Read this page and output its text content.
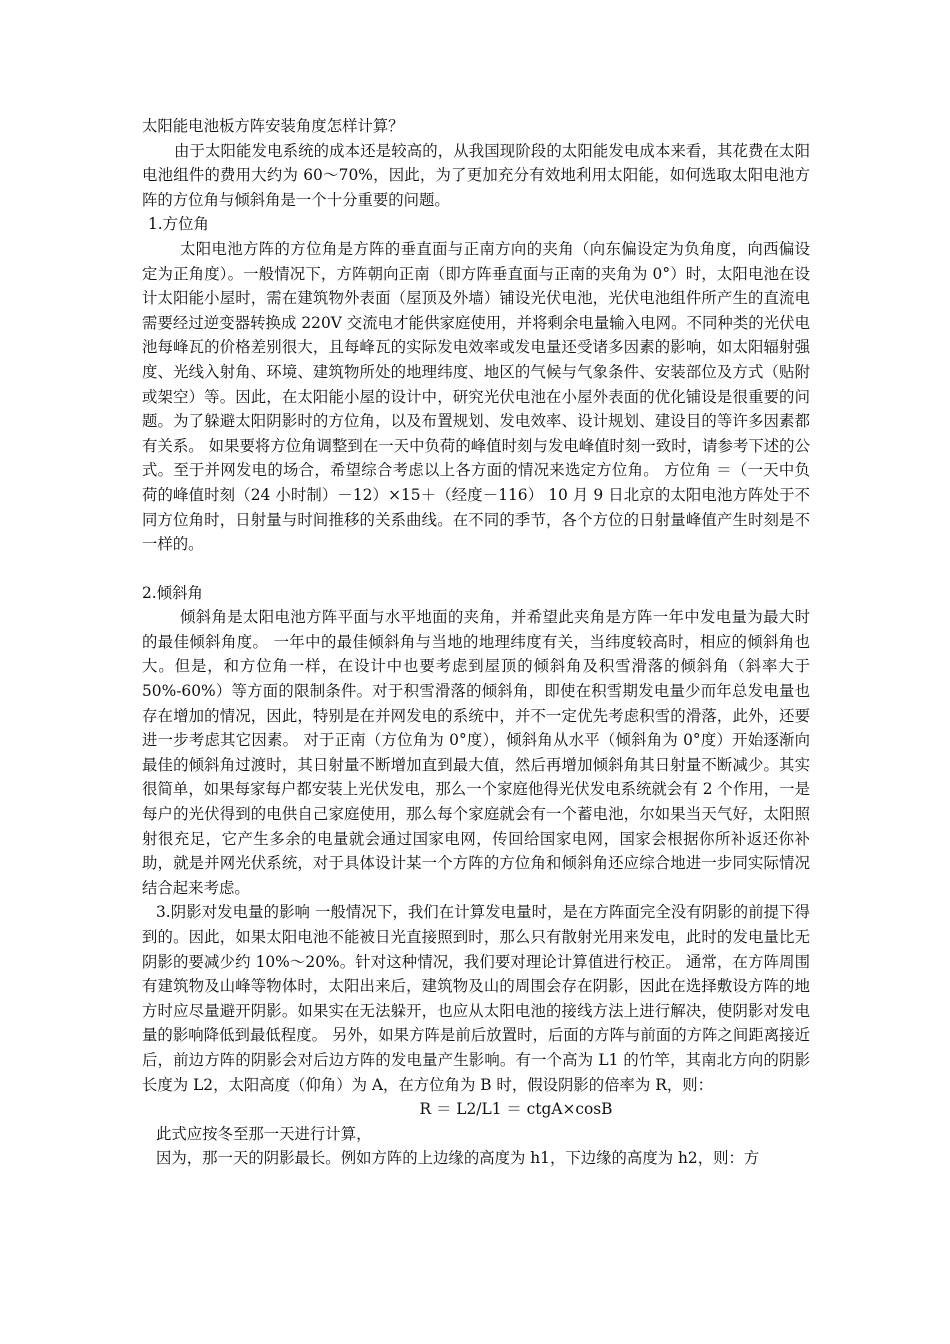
太阳能电池板方阵安装角度怎样计算？

由于太阳能发电系统的成本还是较高的，从我国现阶段的太阳能发电成本来看，其花费在太阳电池组件的费用大约为 60～70%，因此，为了更加充分有效地利用太阳能，如何选取太阳电池方阵的方位角与倾斜角是一个十分重要的问题。

1.方位角

太阳电池方阵的方位角是方阵的垂直面与正南方向的夹角（向东偏设定为负角度，向西偏设定为正角度）。一般情况下，方阵朝向正南（即方阵垂直面与正南的夹角为 0°）时，太阳电池在设计太阳能小屋时，需在建筑物外表面（屋顶及外墙）铺设光伏电池，光伏电池组件所产生的直流电需要经过逆变器转换成 220V 交流电才能供家庭使用，并将剩余电量输入电网。不同种类的光伏电池每峰瓦的价格差别很大，且每峰瓦的实际发电效率或发电量还受诸多因素的影响，如太阳辐射强度、光线入射角、环境、建筑物所处的地理纬度、地区的气候与气象条件、安装部位及方式（贴附或架空）等。因此，在太阳能小屋的设计中，研究光伏电池在小屋外表面的优化铺设是很重要的问题。为了躲避太阳阴影时的方位角，以及布置规划、发电效率、设计规划、建设目的等许多因素都有关系。 如果要将方位角调整到在一天中负荷的峰值时刻与发电峰值时刻一致时，请参考下述的公式。至于并网发电的场合，希望综合考虑以上各方面的情况来选定方位角。 方位角 ＝（一天中负荷的峰值时刻（24 小时制）－12）×15＋（经度－116） 10 月 9 日北京的太阳电池方阵处于不同方位角时，日射量与时间推移的关系曲线。在不同的季节，各个方位的日射量峰值产生时刻是不一样的。

2.倾斜角

倾斜角是太阳电池方阵平面与水平地面的夹角，并希望此夹角是方阵一年中发电量为最大时的最佳倾斜角度。 一年中的最佳倾斜角与当地的地理纬度有关，当纬度较高时，相应的倾斜角也大。但是，和方位角一样，在设计中也要考虑到屋顶的倾斜角及积雪滑落的倾斜角（斜率大于 50%-60%）等方面的限制条件。对于积雪滑落的倾斜角，即使在积雪期发电量少而年总发电量也存在增加的情况，因此，特别是在并网发电的系统中，并不一定优先考虑积雪的滑落，此外，还要进一步考虑其它因素。 对于正南（方位角为 0°度），倾斜角从水平（倾斜角为 0°度）开始逐渐向最佳的倾斜角过渡时，其日射量不断增加直到最大值，然后再增加倾斜角其日射量不断减少。其实很简单，如果每家每户都安装上光伏发电，那么一个家庭他得光伏发电系统就会有 2 个作用，一是每户的光伏得到的电供自己家庭使用，那么每个家庭就会有一个蓄电池，尔如果当天气好，太阳照射很充足，它产生多余的电量就会通过国家电网，传回给国家电网，国家会根据你所补返还你补助，就是并网光伏系统，对于具体设计某一个方阵的方位角和倾斜角还应综合地进一步同实际情况结合起来考虑。

3.阴影对发电量的影响 一般情况下，我们在计算发电量时，是在方阵面完全没有阴影的前提下得到的。因此，如果太阳电池不能被日光直接照到时，那么只有散射光用来发电，此时的发电量比无阴影的要减少约 10%～20%。针对这种情况，我们要对理论计算值进行校正。 通常，在方阵周围有建筑物及山峰等物体时，太阳出来后，建筑物及山的周围会存在阴影，因此在选择敷设方阵的地方时应尽量避开阴影。如果实在无法躲开，也应从太阳电池的接线方法上进行解决，使阴影对发电量的影响降低到最低程度。 另外，如果方阵是前后放置时，后面的方阵与前面的方阵之间距离接近后，前边方阵的阴影会对后边方阵的发电量产生影响。有一个高为 L1 的竹竿，其南北方向的阴影长度为 L2，太阳高度（仰角）为 A，在方位角为 B 时，假设阴影的倍率为 R，则：

R ＝ L2/L1 ＝ ctgA×cosB

此式应按冬至那一天进行计算，

因为，那一天的阴影最长。例如方阵的上边缘的高度为 h1，下边缘的高度为 h2，则：方
